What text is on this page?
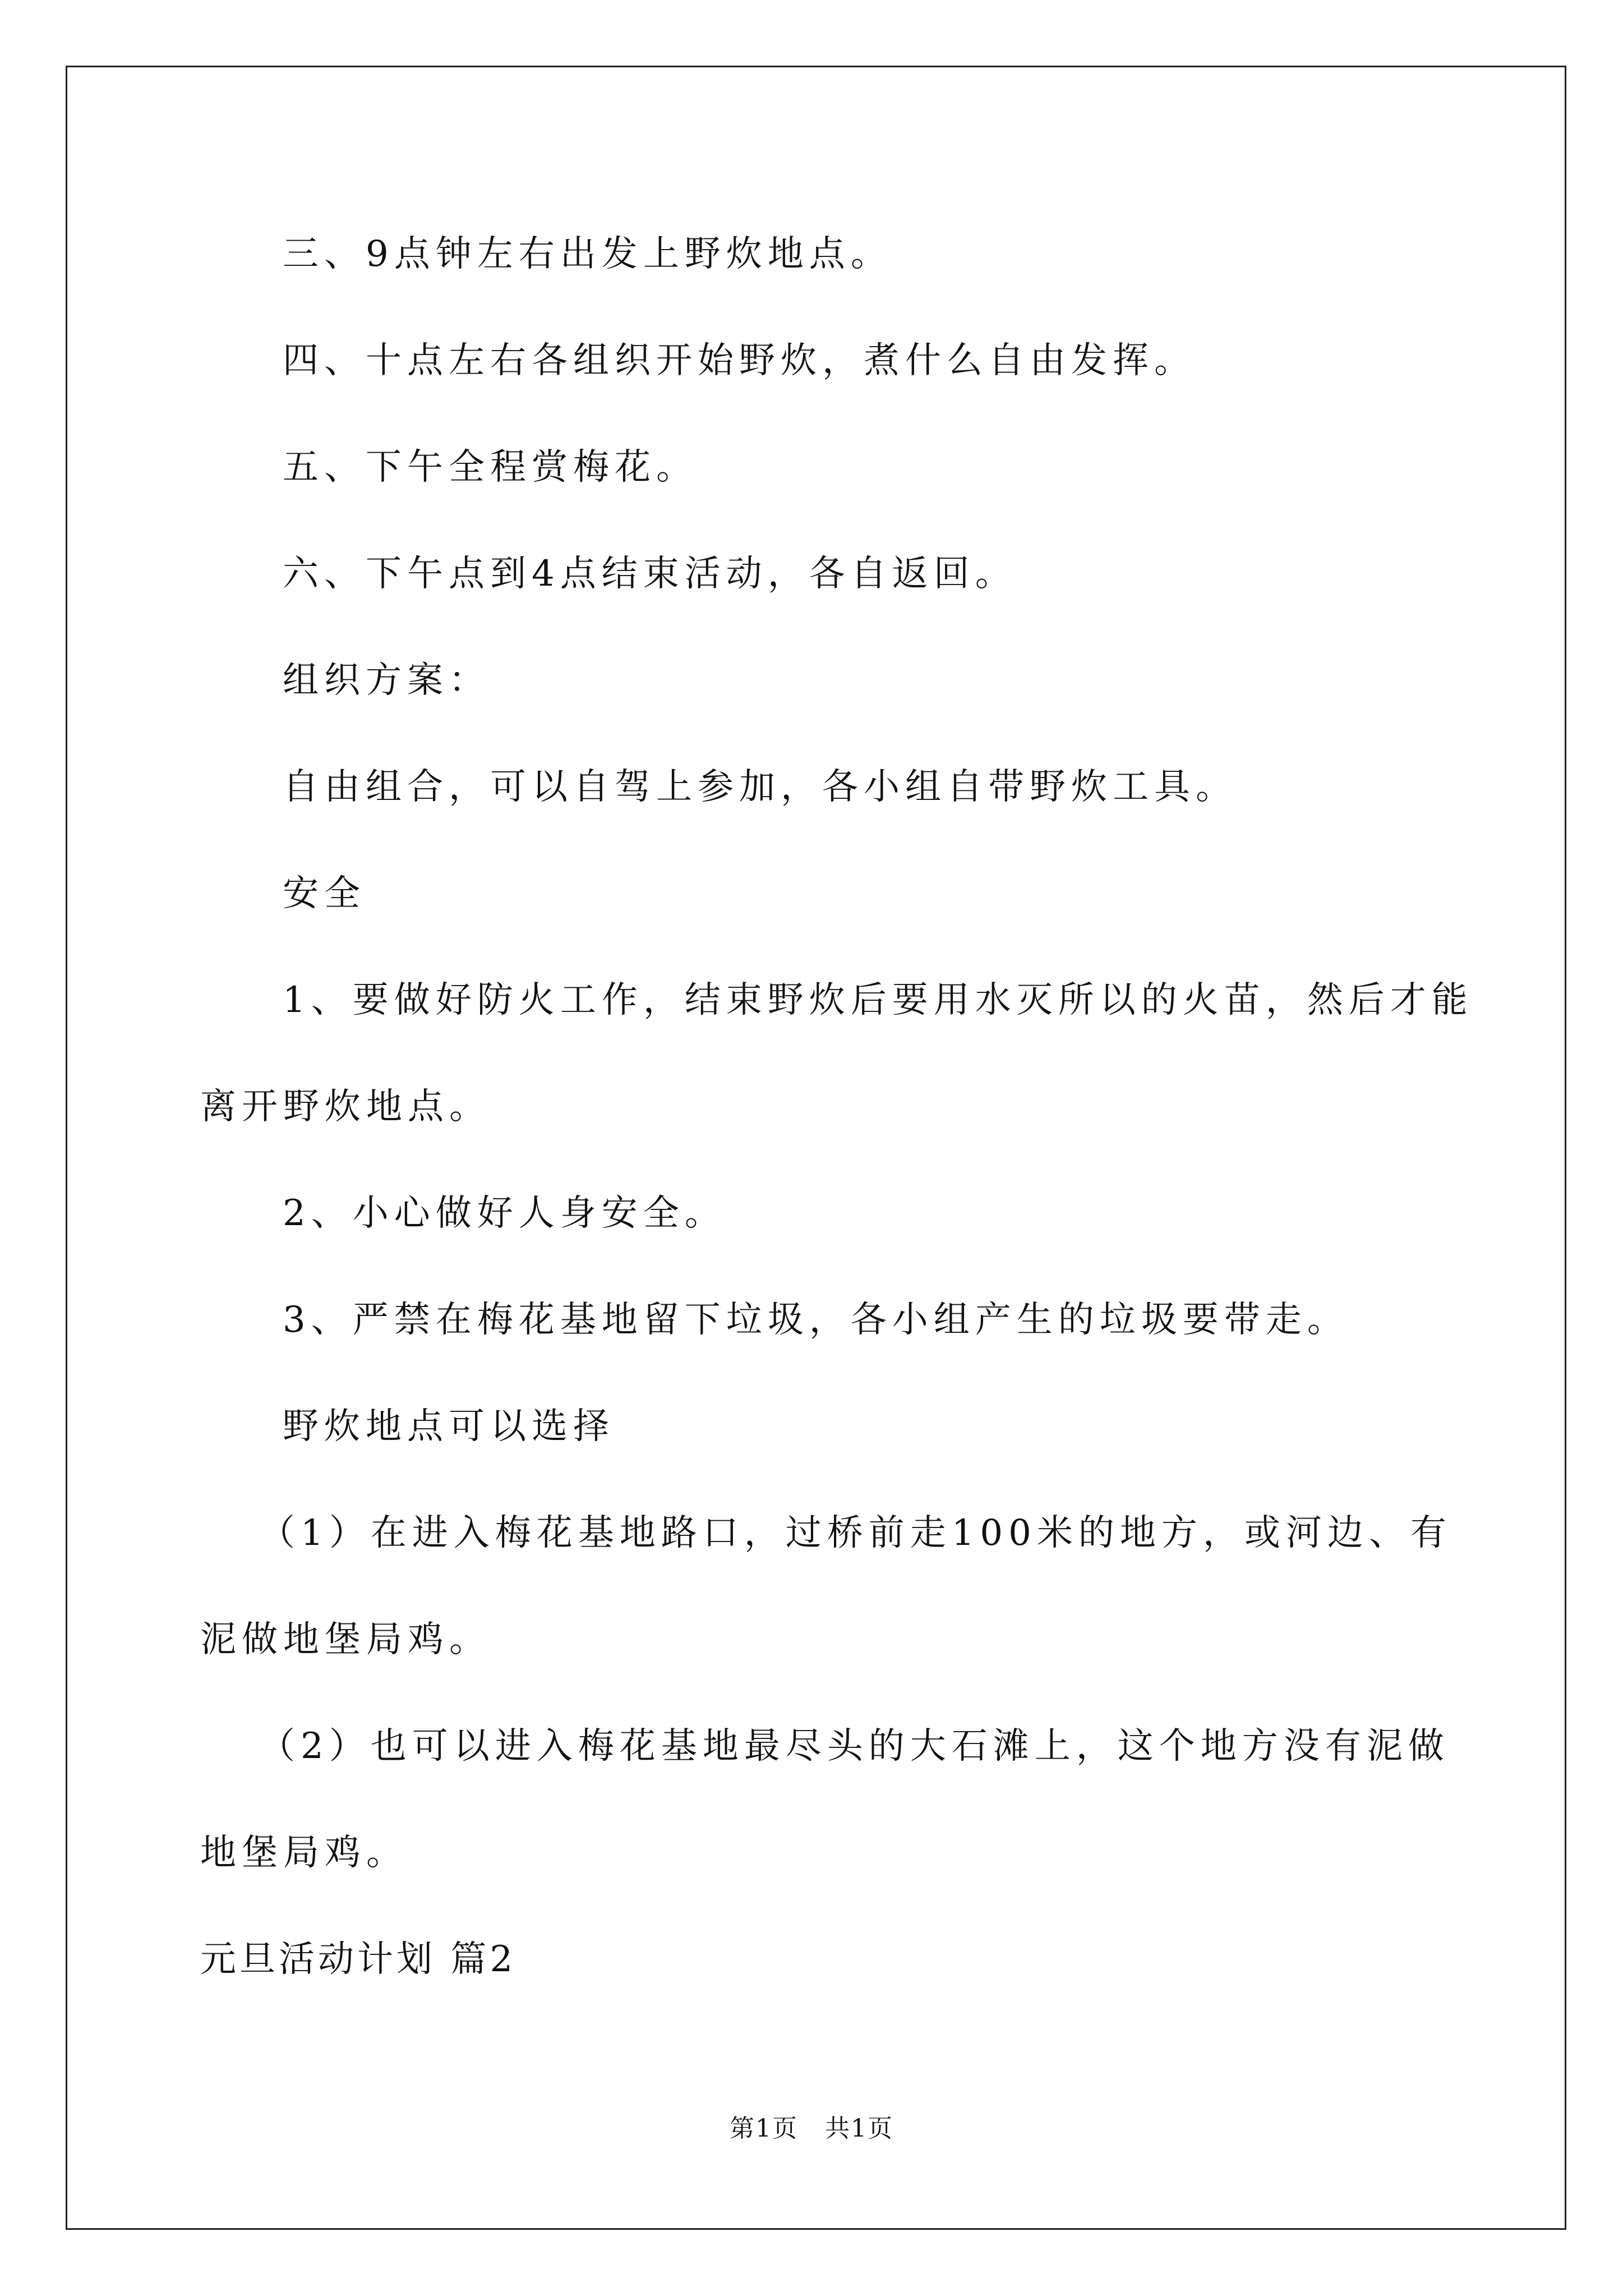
三、9点钟左右出发上野炊地点。
四、十点左右各组织开始野炊，煮什么自由发挥。
五、下午全程赏梅花。
六、下午点到4点结束活动，各自返回。
组织方案：
自由组合，可以自驾上参加，各小组自带野炊工具。
安全
1、要做好防火工作，结束野炊后要用水灭所以的火苗，然后才能
离开野炊地点。
2、小心做好人身安全。
3、严禁在梅花基地留下垃圾，各小组产生的垃圾要带走。
野炊地点可以选择
（1）在进入梅花基地路口，过桥前走100米的地方，或河边、有
泥做地堡局鸡。
（2）也可以进入梅花基地最尽头的大石滩上，这个地方没有泥做
地堡局鸡。
元旦活动计划 篇2
第1页 共1页
